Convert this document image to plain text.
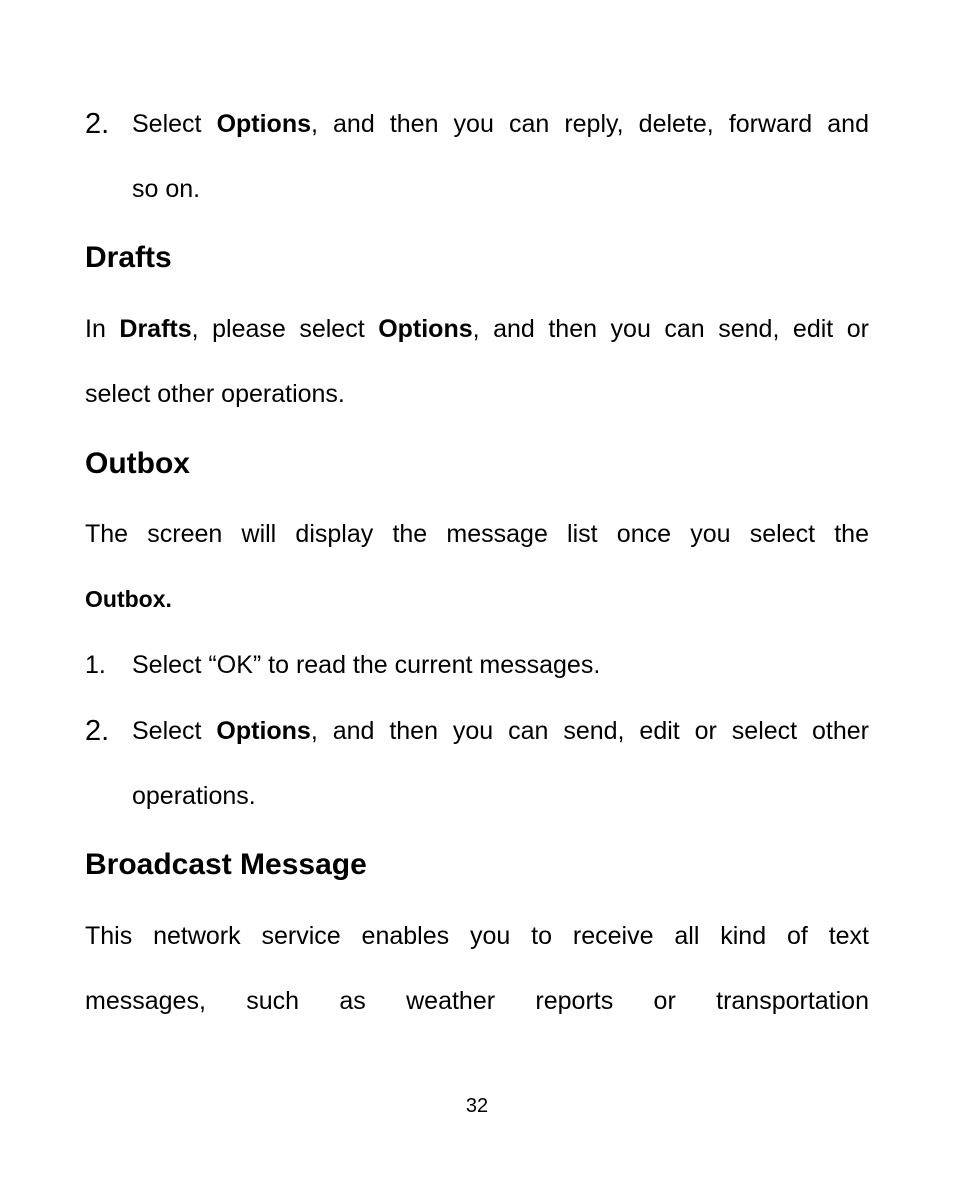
2. Select Options, and then you can reply, delete, forward and
so on.
Drafts
In Drafts, please select Options, and then you can send, edit or
select other operations.
Outbox
The screen will display the message list once you select the
Outbox.
1. Select “OK” to read the current messages.
2. Select Options, and then you can send, edit or select other
operations.
Broadcast Message
This network service enables you to receive all kind of text
messages, such as weather reports or transportation
32
